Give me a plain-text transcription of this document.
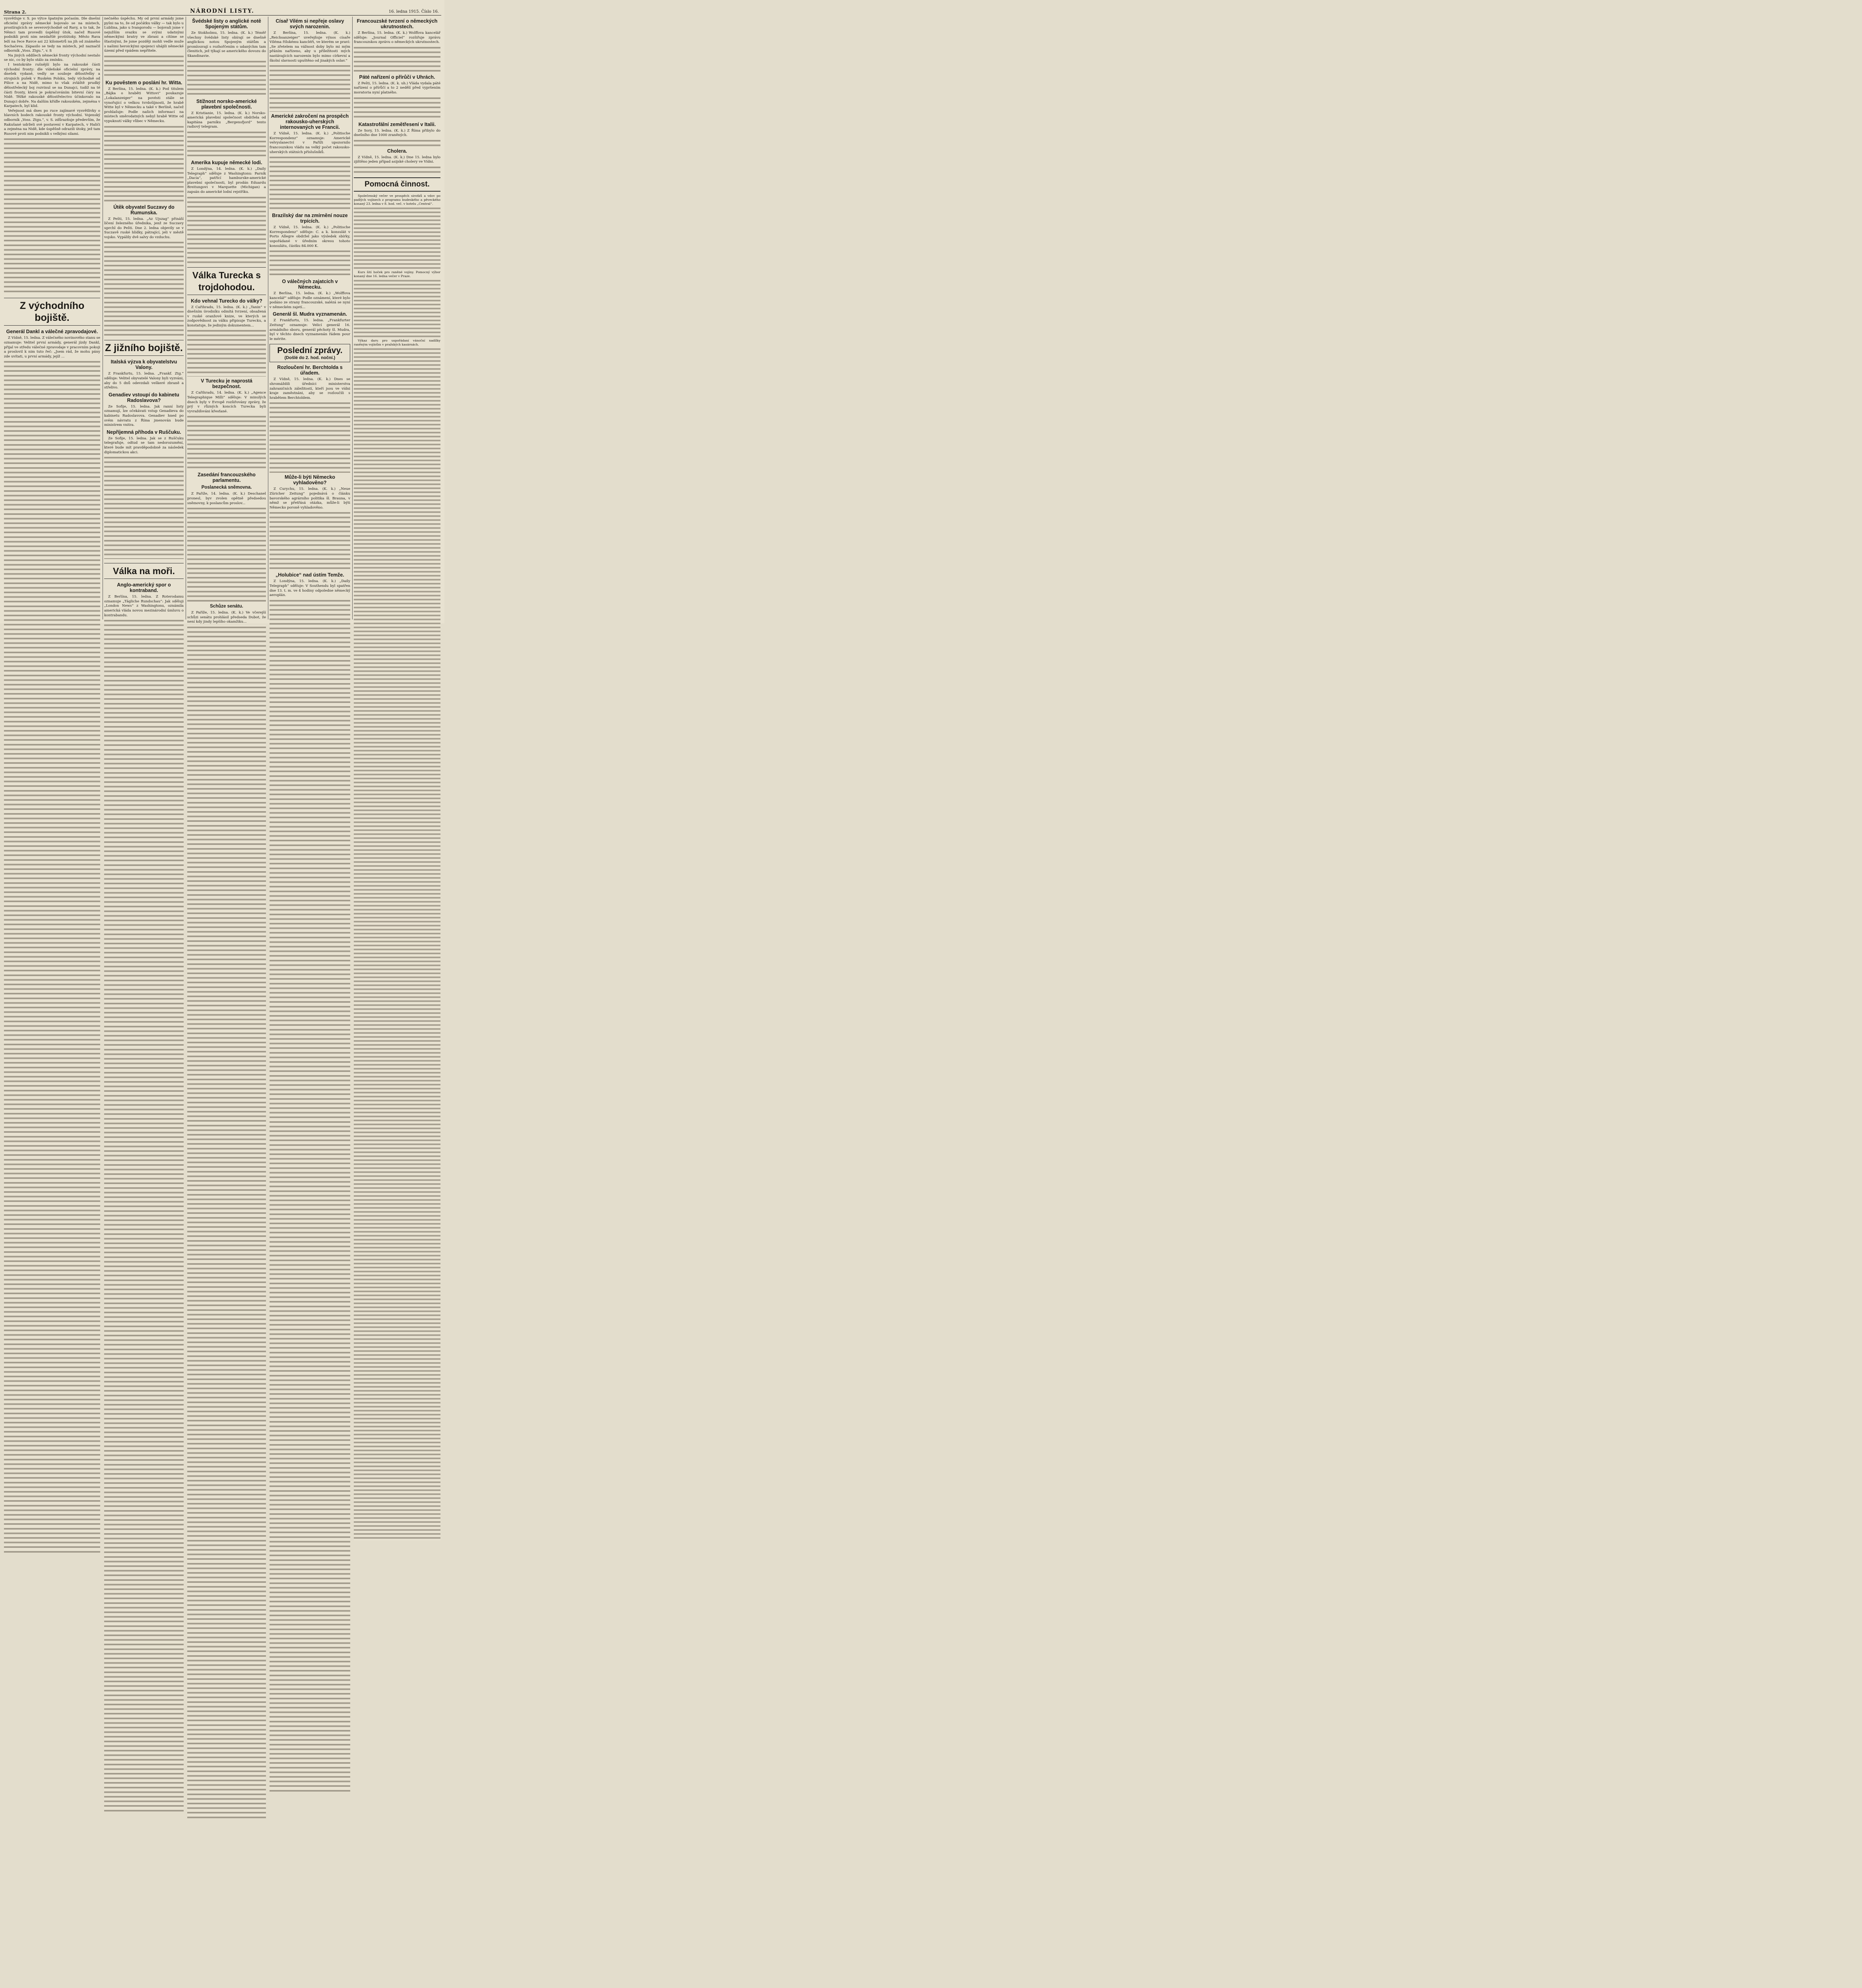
Strana 2.	NÁRODNÍ LISTY.	16. ledna 1915. Číslo 16.

vysvětluje v. S. po výtce špatným počasím. Dle dnešní oficielní zprávy německé bojovalo se na místech, prostírajících se severovýchodně od Ravy, a to tak, že Němci tam provedli úspěšný útok, načež Rusové podnikli proti nim nezdařilé protiútoky. Město Rava leží na řece Ravce asi 22 kilometrů na jih od známého Sochačeva. Zápasilo se tedy na místech, jež naznačil odborník „Voss. Ztgu.“, v. S

Na jiných oddílech německé fronty východní nestalo se nic, co by bylo stálo za zmínku.

I tentokráte rušnější bylo na rakouské části východní fronty: dle vídeňské oficielní zprávy, na dnešek vydané, vedly se souboje dělostřelby a strojních pušek v Ruském Polsku, tedy východně od Pilice a na Nidě, mimo to však zvláště prudký dělostřelecký boj rozvinul se na Dunajci, tudíž na té části fronty, která je pokračováním bitevní čáry na Nidě. Těžké rakouské dělostřelectvo účinkovalo na Dunajci dobře. Na dalším kříďle rakouském, zejména v Karpatech, byl klid.

Veřejnost má dnes po ruce zajímavé vysvětlivky o hlavních bodech rakouské fronty východní. Vojenský odborník „Voss. Ztgu.“, v. S. zdůrazňuje především, že Rakušané udrželi své postavení v Karpatech, v Haliči a zejména na Nidě, kde úspěšně odrazili útoky, jež tam Rusové proti nim podnikli s velkými silami.

Z východního bojiště.
Generál Dankl a válečné zpravodajové.

Z Vídně, 15. ledna. Z válečného novinového stanu se oznamuje: Velitel první armády, generál jízdy Dankl, přijal ve středu válečné zpravodaje v pracovním pokoji a proslovil k nim tuto řeč: „Jsem rád, že mohu pány zde uvítati, u první armády, jejíž ...

nečného úspěchu. My od první armády jsme pyšni na to, že od počátku války — tak bylo u Lublina, jako u Ivangorodu — bojovali jsme v nejužším svazku se svými udatnými německými bratry ve zbrani a cítíme se šťastnými, že jsme později mohli vedle muže s našimi heroickými spojenci uhájili německé území před vpádem nepřítele.

Ku pověstem o poslání hr. Witta.

Z Berlína, 15. ledna. (K. k.) Pod titulem „Bájka o hraběti Wittovi“ poukazuje „Lokalanzeiger“ na povésti stále se vynořující o velkou tvrdošíjnosti, že hrabě Witte byl v Německu a také v Berlíně, načež prohlašuje: Podle našich informací na místech směrodatných nebyl hrabě Witte od vypuknutí války vůbec v Německu.

Útěk obyvatel Suczavy do Rumunska.

Z Pešti, 15. ledna. „Az Ujszag“ přináší líčení železného úřednika, jenž ze Suczavy uprchl do Pešti. Dne 2. ledna objevily se v Suczavě ruské hlídky, pátrající, jeli v městě vojsko. Vypálily dvě salvy do vzduchu.

Z jižního bojiště.
Italská výzva k obyvatelstvu Valony.

Z Frankfurtu, 15. ledna. „Frankf. Ztg.“ sděluje: Velitel obyvatelé Valony byli vyzváni, aby do 5 dnů odevzdali veškeré zbraně a střelivo.

Genadiev vstoupí do kabinetu Radoslavova?

Ze Sofije, 15. ledna. Jak ranní listy oznamují, lze očekávati vstup Genadieva do kabinetu Radoslavova. Genadiev hned po svém návratu z Říma jmenován bude ministrem vnitra.

Nepříjemná příhoda v Ruščuku.

Ze Sofije, 15. ledna. Jak se z Ruščuku telegrafuje, odtud se tam nedorozumění, které bude mít pravděpodobně za následek diplomatickou akci.

Válka na moři.
Anglo-americký spor o kontraband.

Z Berlína, 15. ledna. Z Roterodamu oznamuje „Tägliche Rundschau“: Jak sděluji „London News“ z Washingtonu, oznámila americká vláda novou mezinárodní úmluvu o kontrabandu.

Švédské listy o anglické notě Spojeným státům.

Ze Stokholmu, 15. ledna. (K. k.) Téměř všechny švédské listy obírají se dnešně anglickou notou Spojeným státům a promlouvají s rozhořčením o udanýchm tam členitich, jež týkají se amerického dovozu do Skandinavie.

Stížnost norsko-americké plavební společnosti.

Z Kristianie, 15. ledna. (K. k.) Norsko-americká plavební společnost obdržela od kapitána parníku „Bergensfjord“ tento radiový telegram.

Amerika kupuje německé lodi.

Z Londýna, 14. ledna. (K. k.) „Daily Telegraph“ sděluje z Washingtonu: Parník „Dacia“, patřící hamburske-americké plavební společnosti, byl prodán Eduardu Breitungovi v Marquette (Michigan) a zapsán do americké lodní rejstříku.

Válka Turecka s trojdohodou.
Kdo vehnal Turecko do války?

Z Cařihradu, 15. ledna. (K. k.) „Tanin“ v dnešním úvodníku odmítá tvrzení, obsažená v ruské oranžové knize, ve kterých se zodpovědnost za válku připisuje Turecku, a konstatuje, že jediným dokumentem...

V Turecku je naprostá bezpečnost.

Z Cařihradu, 14. ledna. (K. k.) „Agence Telegraphique Milli“ sděluje: V minulých dnech byly v Evropě rozšiřovány zprávy, že prý v různých koncích Turecka byli vyvražďováni křesťané.

Zasedání francouzského parlamentu.
Poslanecká sněmovna.

Z Paříže, 14. ledna. (K. k.) Deschanel pronesl, byv zvolen opětně předsedou sněmovny, k poslancům proslov...

Schůze senátu.

Z Paříže, 15. ledna. (K. k.) Ve včerejší schůzi senátu prohlásil předseda Dubot, že není kdy jindy lepšího okamžiku...

Císař Vilém si nepřeje oslavy svých narozenin.

Z Berlína, 15. ledna. (K. k.) „Reichsanzeiger“ uveřejňuje výnos císaře Viléma říšskému kancléři, ve kterém se praví: „Se zřetelem na vážnost doby bylo mi mým přáním nařízeno, aby u příležitosti mých nastávajících narozenin bylo mimo církevní a školní slavnosti upuštěno od jinakých oslav.“

Americké zakročení na prospěch rakousko-uherských internovaných ve Francii.

Z Vídně, 15. ledna. (K. k.) „Politische Korrespondenz“ oznamuje: Americké velvyslanectví v Paříži upozornilo francouzskou vládu na velký počet rakousko-uherských státních příslušníků.

Brazilský dar na zmírnění nouze trpících.

Z Vídně, 15. ledna. (K. k.) „Politische Korrespondenz“ sděluje: C. a k. konsulát v Porto Allegre obdržel jako výsledek sbírky, uspořádané v úředním okresu tohoto konsulátu, částku 84.000 K.

O válečných zajatcích v Německu.

Z Berlína, 15. ledna. (K. k.) „Wolffova kancelář“ sděluje: Podle oznámení, které bylo podáno ze strany francouzské, nalézá se nyní v německém zajetí...

Generál šl. Mudra vyznamenán.

Z Frankfurtu, 15. ledna. „Frankfurter Zeitung“ oznamuje: Velicí generál 16. armádního sboru, generál pěchoty šl. Mudra, byl v těchto dnech vyznamenán řádem pour le mérite.

Poslední zprávy.
(Došlé do 2. hod. noční.)
Rozloučení hr. Berchtolda s úřadem.

Z Vídně, 15. ledna. (K. k.) Dnes se shromáždili úředníci ministerstva zahraničních záležitostí, kteří jsou ve vídni kraje zaměstnáni, aby se rozloučili s hrabětem Berchtoldem.

Může-li býti Německo vyhladověno?

Z Curychu, 15. ledna. (K. k.) „Neue Züricher Zeitung“ pojednává o článku bavorského agrárního politika šl. Brauna, v němž se přetřásá otázka, může-li býti Německo poroně vyhladověno.

„Holubice“ nad ústím Temže.

Z Londýna, 15. ledna. (K. k.) „Daily Telegraph“ sděluje: V Southendu byl spatřen dne 13. t. m. ve 4 hodiny odpoledne německý aeroplán.

Francouzské tvrzení o německých ukrutnostech.

Z Berlína, 15. ledna. (K. k.) Wolffova kancelář sděluje: „Journal Officiel“ rozšiřuje zprávu francouzskou zprávu o německých ukrutnostech.

Páté nařízení o přírůčí v Uhrách.

Z Pešti, 15. ledna. (K. k. uh.) Vláda vydala páté nařízení o přírůčí a to 2 nedělí před vypršením moratoria nyní platného.

Katastrofální zemětřesení v Italii.

Ze Sory, 15. ledna. (K. k.) Z Říma přibylo do dnešního dne 1000 zraněných.

Cholera.

Z Vídně, 15. ledna. (K. k.) Dne 15. ledna bylo zjištěno jeden případ asijské cholery ve Vídni.

Pomocná činnost.

Společenský večer ve prospěch sirotků a vdov po padlých vojínech z programu budeského a pěveckého konaný 23. ledna v 8. hod. več. v hotelu „Central“.

Kurs šití hoček pro raněné vojíny. Pomocný výbor konaný dne 16. ledna večer v Praze.

Výkaz daru pro uspořádaní vánoční nadílky raněným vojínům v pražských kasárnách.
